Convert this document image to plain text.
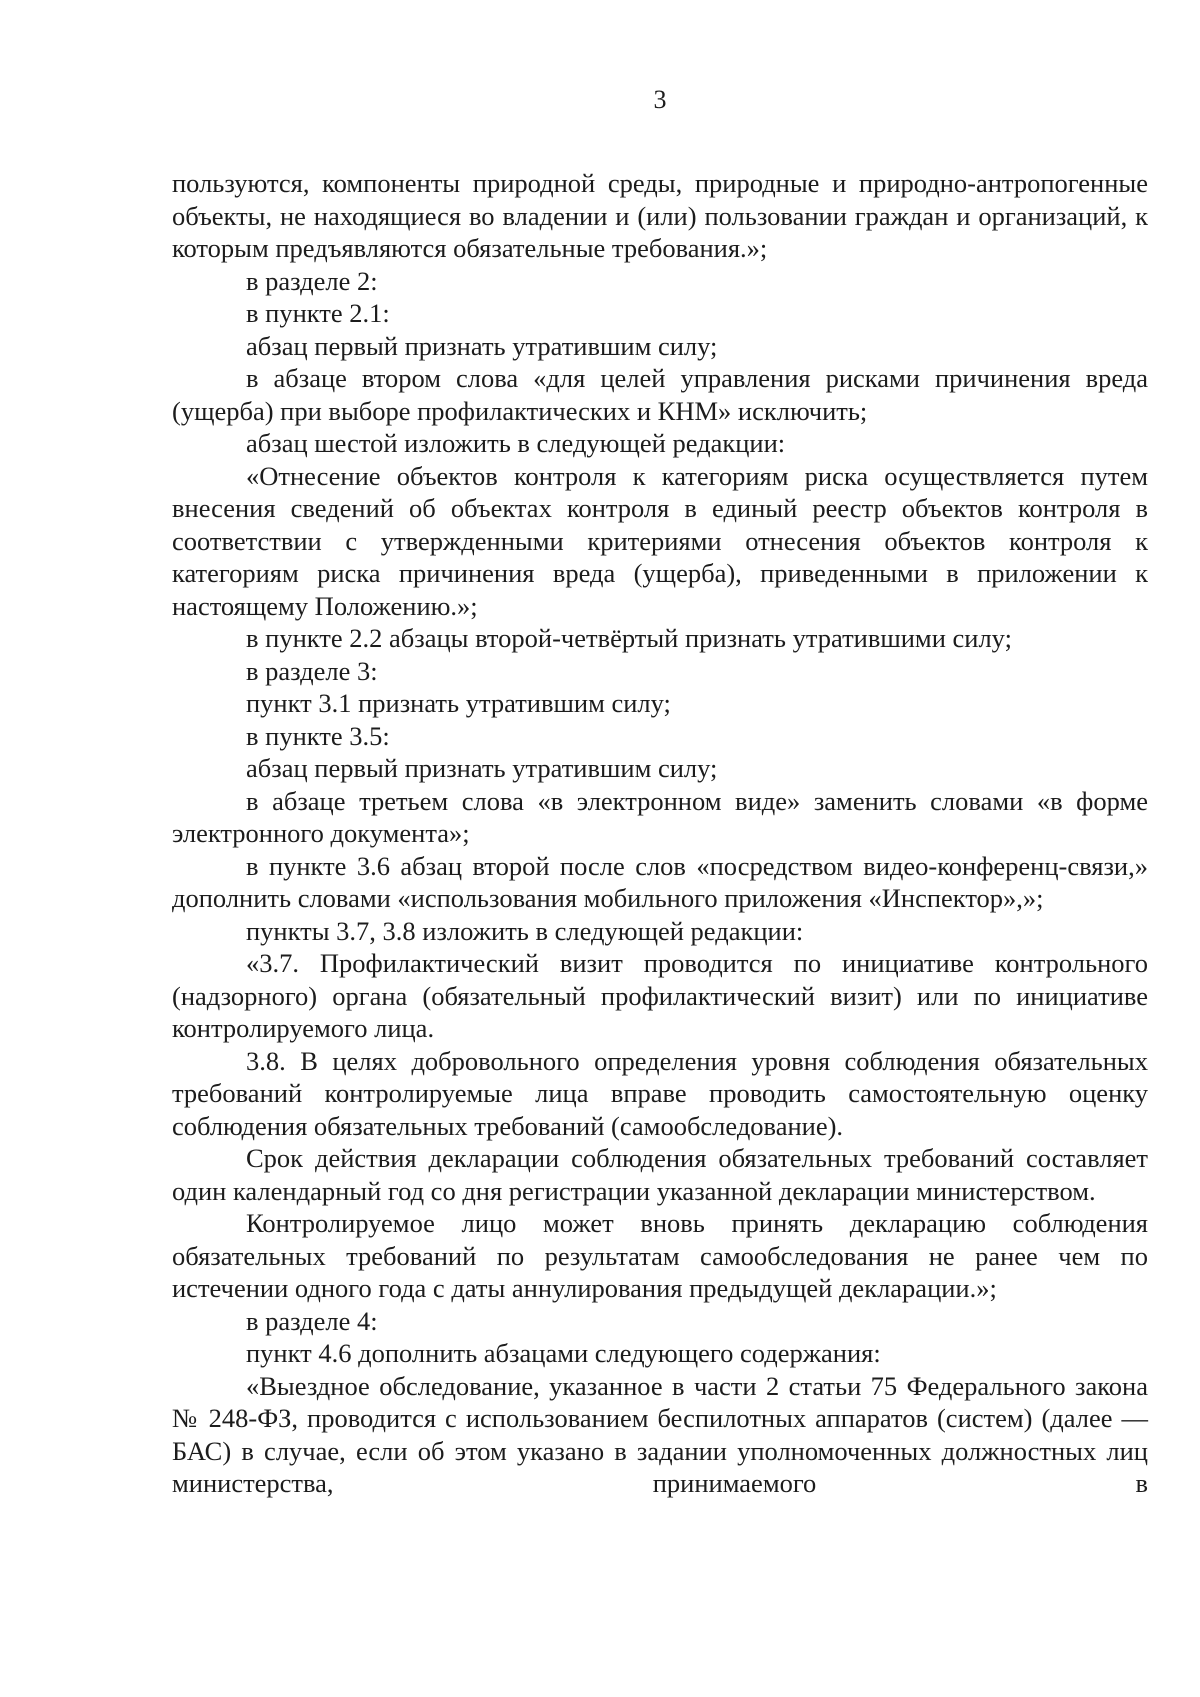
3

пользуются, компоненты природной среды, природные и природно-антропогенные объекты, не находящиеся во владении и (или) пользовании граждан и организаций, к которым предъявляются обязательные требования.»;

в разделе 2:

в пункте 2.1:

абзац первый признать утратившим силу;

в абзаце втором слова «для целей управления рисками причинения вреда (ущерба) при выборе профилактических и КНМ» исключить;

абзац шестой изложить в следующей редакции:

«Отнесение объектов контроля к категориям риска осуществляется путем внесения сведений об объектах контроля в единый реестр объектов контроля в соответствии с утвержденными критериями отнесения объектов контроля к категориям риска причинения вреда (ущерба), приведенными в приложении к настоящему Положению.»;

в пункте 2.2 абзацы второй-четвёртый признать утратившими силу;

в разделе 3:

пункт 3.1 признать утратившим силу;

в пункте 3.5:

абзац первый признать утратившим силу;

в абзаце третьем слова «в электронном виде» заменить словами «в форме электронного документа»;

в пункте 3.6 абзац второй после слов «посредством видео-конференц-связи,» дополнить словами «использования мобильного приложения «Инспектор»,»;

пункты 3.7, 3.8 изложить в следующей редакции:

«3.7. Профилактический визит проводится по инициативе контрольного (надзорного) органа (обязательный профилактический визит) или по инициативе контролируемого лица.

3.8. В целях добровольного определения уровня соблюдения обязательных требований контролируемые лица вправе проводить самостоятельную оценку соблюдения обязательных требований (самообследование).

Срок действия декларации соблюдения обязательных требований составляет один календарный год со дня регистрации указанной декларации министерством.

Контролируемое лицо может вновь принять декларацию соблюдения обязательных требований по результатам самообследования не ранее чем по истечении одного года с даты аннулирования предыдущей декларации.»;

в разделе 4:

пункт 4.6 дополнить абзацами следующего содержания:

«Выездное обследование, указанное в части 2 статьи 75 Федерального закона № 248-ФЗ, проводится с использованием беспилотных аппаратов (систем) (далее — БАС) в случае, если об этом указано в задании уполномоченных должностных лиц министерства, принимаемого в
